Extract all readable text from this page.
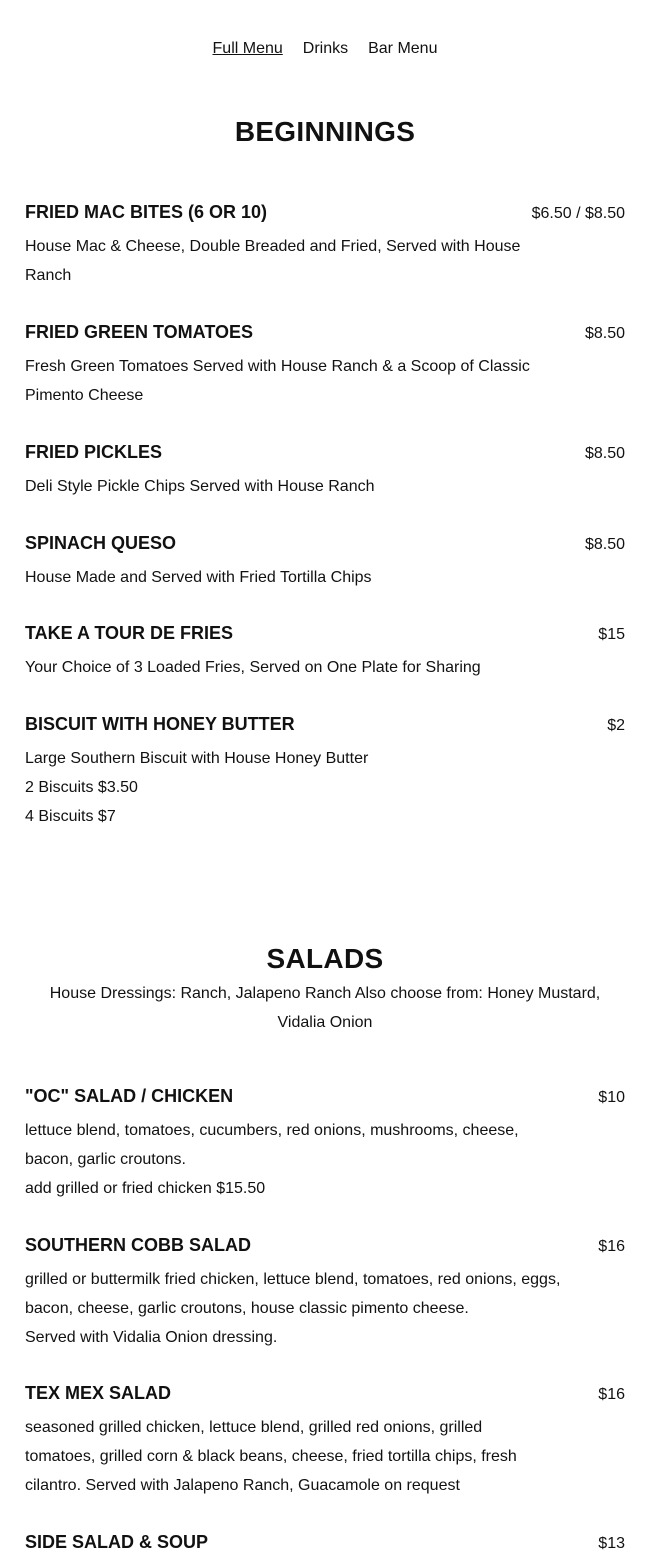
Full Menu Drinks Bar Menu
BEGINNINGS
FRIED MAC BITES (6 OR 10)	$6.50 / $8.50
House Mac & Cheese, Double Breaded and Fried, Served with House Ranch
FRIED GREEN TOMATOES	$8.50
Fresh Green Tomatoes Served with House Ranch & a Scoop of Classic Pimento Cheese
FRIED PICKLES	$8.50
Deli Style Pickle Chips Served with House Ranch
SPINACH QUESO	$8.50
House Made and Served with Fried Tortilla Chips
TAKE A TOUR DE FRIES	$15
Your Choice of 3 Loaded Fries, Served on One Plate for Sharing
BISCUIT WITH HONEY BUTTER	$2
Large Southern Biscuit with House Honey Butter
2 Biscuits $3.50
4 Biscuits $7
SALADS
House Dressings: Ranch, Jalapeno Ranch Also choose from: Honey Mustard, Vidalia Onion
"OC" SALAD / CHICKEN	$10
lettuce blend, tomatoes, cucumbers, red onions, mushrooms, cheese, bacon, garlic croutons.
add grilled or fried chicken $15.50
SOUTHERN COBB SALAD	$16
grilled or buttermilk fried chicken, lettuce blend, tomatoes, red onions, eggs, bacon, cheese, garlic croutons, house classic pimento cheese.
Served with Vidalia Onion dressing.
TEX MEX SALAD	$16
seasoned grilled chicken, lettuce blend, grilled red onions, grilled tomatoes, grilled corn & black beans, cheese, fried tortilla chips, fresh cilantro. Served with Jalapeno Ranch, Guacamole on request
SIDE SALAD & SOUP	$13
